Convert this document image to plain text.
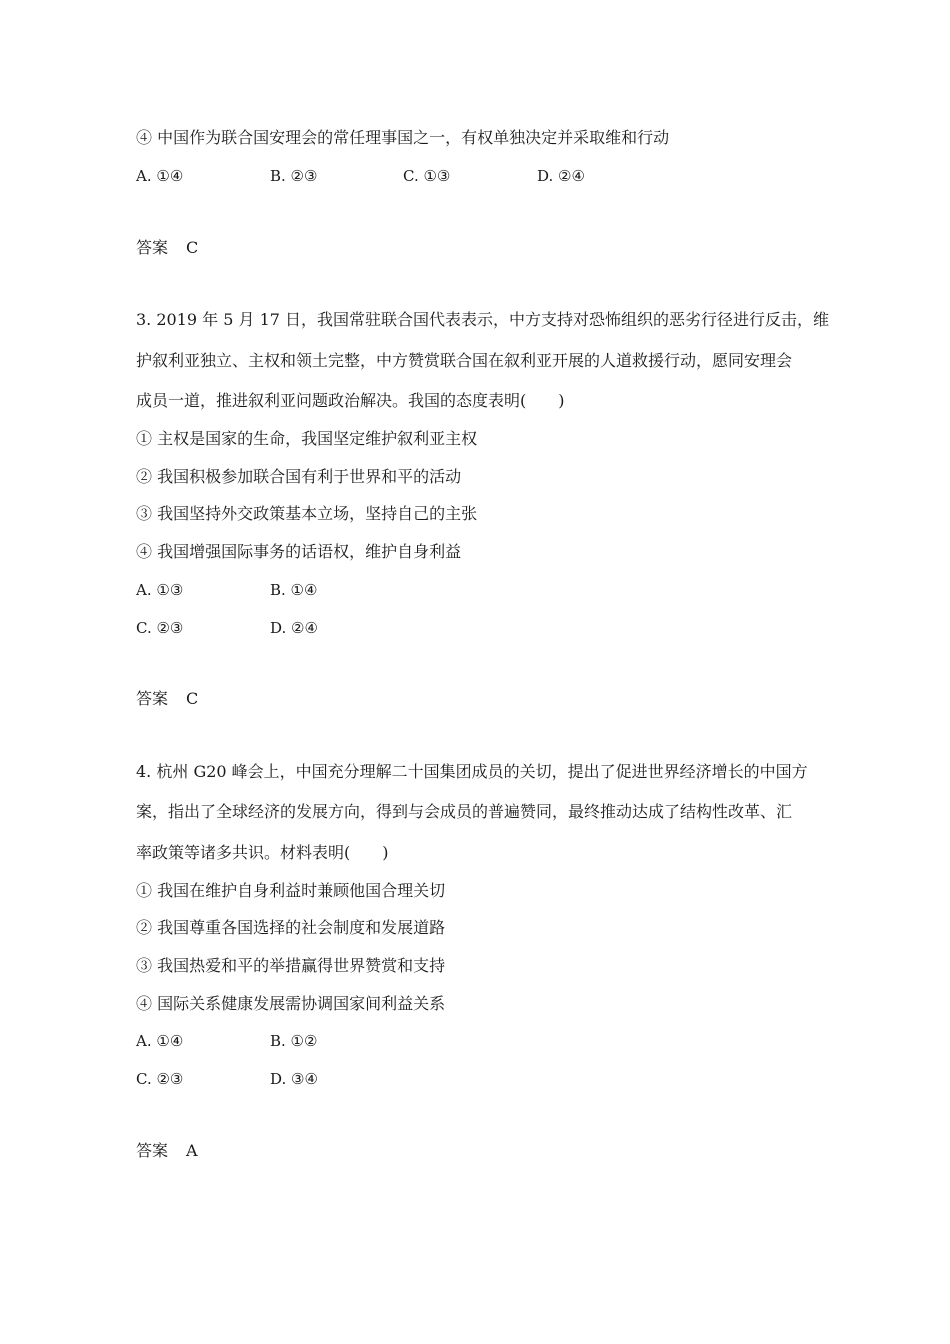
④ 中国作为联合国安理会的常任理事国之一，有权单独决定并采取维和行动
A. ①④	B. ②③	C. ①③	D. ②④
答案 C
3. 2019 年 5 月 17 日，我国常驻联合国代表表示，中方支持对恐怖组织的恶劣行径进行反击，维
护叙利亚独立、主权和领土完整，中方赞赏联合国在叙利亚开展的人道救援行动，愿同安理会
成员一道，推进叙利亚问题政治解决。我国的态度表明(　　)
① 主权是国家的生命，我国坚定维护叙利亚主权
② 我国积极参加联合国有利于世界和平的活动
③ 我国坚持外交政策基本立场，坚持自己的主张
④ 我国增强国际事务的话语权，维护自身利益
A. ①③	B. ①④
C. ②③	D. ②④
答案 C
4. 杭州 G20 峰会上，中国充分理解二十国集团成员的关切，提出了促进世界经济增长的中国方
案，指出了全球经济的发展方向，得到与会成员的普遍赞同，最终推动达成了结构性改革、汇
率政策等诸多共识。材料表明(　　)
① 我国在维护自身利益时兼顾他国合理关切
② 我国尊重各国选择的社会制度和发展道路
③ 我国热爱和平的举措赢得世界赞赏和支持
④ 国际关系健康发展需协调国家间利益关系
A. ①④	B. ①②
C. ②③	D. ③④
答案 A
